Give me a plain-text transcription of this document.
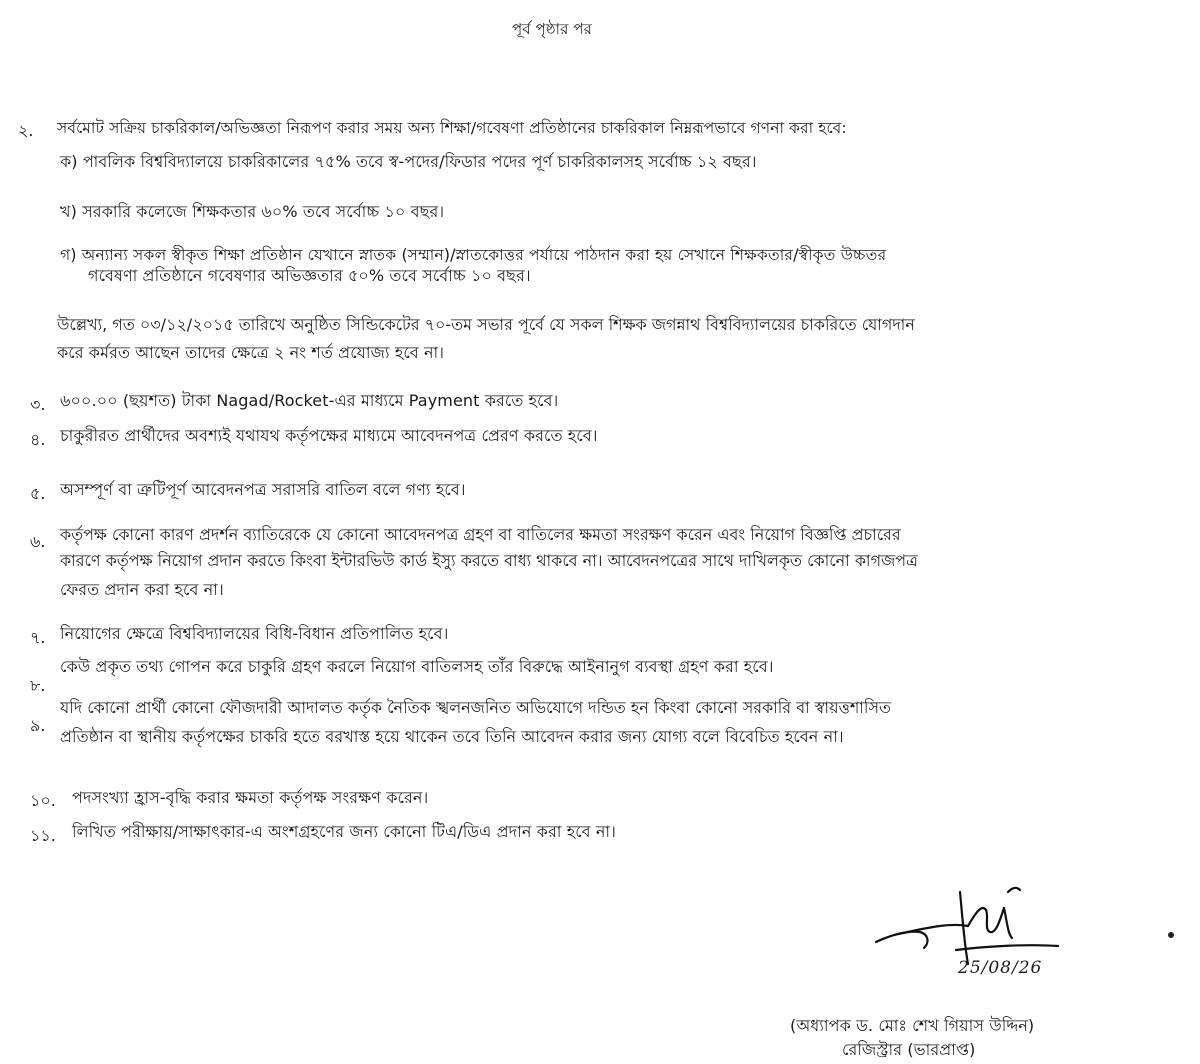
পূর্ব পৃষ্ঠার পর
২. সর্বমোট সক্রিয় চাকরিকাল/অভিজ্ঞতা নিরূপণ করার সময় অন্য শিক্ষা/গবেষণা প্রতিষ্ঠানের চাকরিকাল নিম্নরূপভাবে গণনা করা হবে:
ক) পাবলিক বিশ্ববিদ্যালয়ে চাকরিকালের ৭৫% তবে স্ব-পদের/ফিডার পদের পূর্ণ চাকরিকালসহ সর্বোচ্চ ১২ বছর।
খ) সরকারি কলেজে শিক্ষকতার ৬০% তবে সর্বোচ্চ ১০ বছর।
গ) অন্যান্য সকল স্বীকৃত শিক্ষা প্রতিষ্ঠান যেখানে স্নাতক (সম্মান)/স্নাতকোত্তর পর্যায়ে পাঠদান করা হয় সেখানে শিক্ষকতার/স্বীকৃত উচ্চতর
গবেষণা প্রতিষ্ঠানে গবেষণার অভিজ্ঞতার ৫০% তবে সর্বোচ্চ ১০ বছর।
উল্লেখ্য, গত ০৩/১২/২০১৫ তারিখে অনুষ্ঠিত সিন্ডিকেটের ৭০-তম সভার পূর্বে যে সকল শিক্ষক জগন্নাথ বিশ্ববিদ্যালয়ের চাকরিতে যোগদান
করে কর্মরত আছেন তাদের ক্ষেত্রে ২ নং শর্ত প্রযোজ্য হবে না।
৩. ৬০০.০০ (ছয়শত) টাকা Nagad/Rocket-এর মাধ্যমে Payment করতে হবে।
৪. চাকুরীরত প্রার্থীদের অবশ্যই যথাযথ কর্তৃপক্ষের মাধ্যমে আবেদনপত্র প্রেরণ করতে হবে।
৫. অসম্পূর্ণ বা ত্রুটিপূর্ণ আবেদনপত্র সরাসরি বাতিল বলে গণ্য হবে।
৬. কর্তৃপক্ষ কোনো কারণ প্রদর্শন ব্যাতিরেকে যে কোনো আবেদনপত্র গ্রহণ বা বাতিলের ক্ষমতা সংরক্ষণ করেন এবং নিয়োগ বিজ্ঞপ্তি প্রচারের
কারণে কর্তৃপক্ষ নিয়োগ প্রদান করতে কিংবা ইন্টারভিউ কার্ড ইস্যু করতে বাধ্য থাকবে না। আবেদনপত্রের সাথে দাখিলকৃত কোনো কাগজপত্র
ফেরত প্রদান করা হবে না।
৭. নিয়োগের ক্ষেত্রে বিশ্ববিদ্যালয়ের বিধি-বিধান প্রতিপালিত হবে।
৮.
কেউ প্রকৃত তথ্য গোপন করে চাকুরি গ্রহণ করলে নিয়োগ বাতিলসহ তাঁর বিরুদ্ধে আইনানুগ ব্যবস্থা গ্রহণ করা হবে।
৯.
যদি কোনো প্রার্থী কোনো ফৌজদারী আদালত কর্তৃক নৈতিক স্খলনজনিত অভিযোগে দন্ডিত হন কিংবা কোনো সরকারি বা স্বায়ত্তশাসিত
প্রতিষ্ঠান বা স্থানীয় কর্তৃপক্ষের চাকরি হতে বরখাস্ত হয়ে থাকেন তবে তিনি আবেদন করার জন্য যোগ্য বলে বিবেচিত হবেন না।
১০. পদসংখ্যা হ্রাস-বৃদ্ধি করার ক্ষমতা কর্তৃপক্ষ সংরক্ষণ করেন।
১১. লিখিত পরীক্ষায়/সাক্ষাৎকার-এ অংশগ্রহণের জন্য কোনো টিএ/ডিএ প্রদান করা হবে না।
25/08/26
(অধ্যাপক ড. মোঃ শেখ গিয়াস উদ্দিন)
রেজিস্ট্রার (ভারপ্রাপ্ত)
